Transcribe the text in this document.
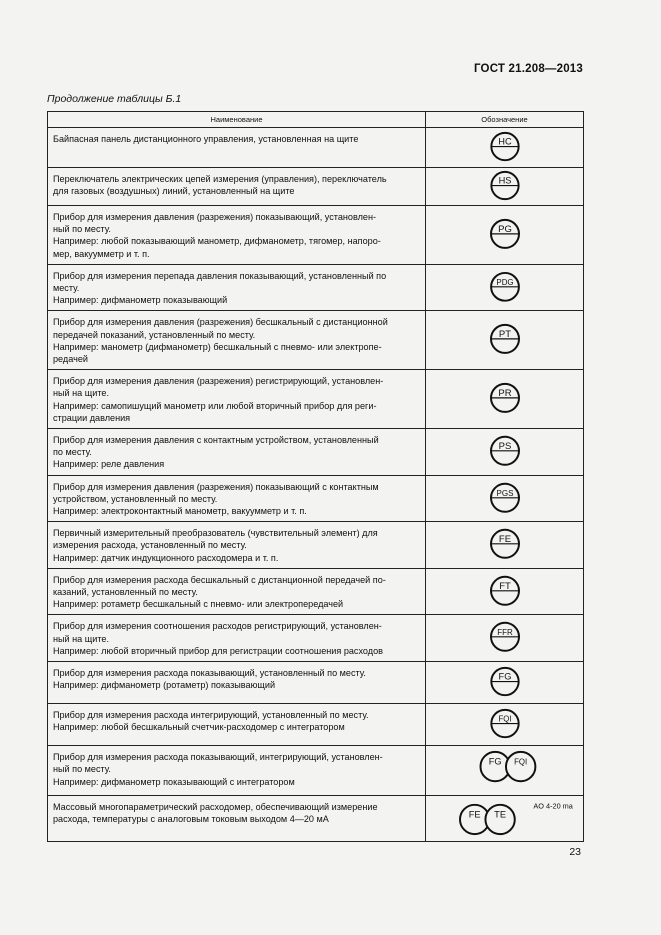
ГОСТ 21.208—2013
Продолжение таблицы Б.1
Наименование	Обозначение

Байпасная панель дистанционного управления, установленная на щите	HC

Переключатель электрических цепей измерения (управления), переключатель
для газовых (воздушных) линий, установленный на щите	HS

Прибор для измерения давления (разрежения) показывающий, установлен-
ный по месту.
Например: любой показывающий манометр, дифманометр, тягомер, напоро-
мер, вакуумметр и т. п.	PG

Прибор для измерения перепада давления показывающий, установленный по
месту.
Например: дифманометр показывающий	PDG

Прибор для измерения давления (разрежения) бесшкальный с дистанционной
передачей показаний, установленный по месту.
Например: манометр (дифманометр) бесшкальный с пневмо- или электропе-
редачей	PT

Прибор для измерения давления (разрежения) регистрирующий, установлен-
ный на щите.
Например: самопишущий манометр или любой вторичный прибор для реги-
страции давления	PR

Прибор для измерения давления с контактным устройством, установленный
по месту.
Например: реле давления	PS

Прибор для измерения давления (разрежения) показывающий с контактным
устройством, установленный по месту.
Например: электроконтактный манометр, вакуумметр и т. п.	PGS

Первичный измерительный преобразователь (чувствительный элемент) для
измерения расхода, установленный по месту.
Например: датчик индукционного расходомера и т. п.	FE

Прибор для измерения расхода бесшкальный с дистанционной передачей по-
казаний, установленный по месту.
Например: ротаметр бесшкальный с пневмо- или электропередачей	FT

Прибор для измерения соотношения расходов регистрирующий, установлен-
ный на щите.
Например: любой вторичный прибор для регистрации соотношения расходов	FFR

Прибор для измерения расхода показывающий, установленный по месту.
Например: дифманометр (ротаметр) показывающий	FG

Прибор для измерения расхода интегрирующий, установленный по месту.
Например: любой бесшкальный счетчик-расходомер с интегратором	FQI

Прибор для измерения расхода показывающий, интегрирующий, установлен-
ный по месту.
Например: дифманометр показывающий с интегратором	FG FQI

Массовый многопараметрический расходомер, обеспечивающий измерение
расхода, температуры с аналоговым токовым выходом 4—20 мА	FE TE
AO 4-20 ma
23
